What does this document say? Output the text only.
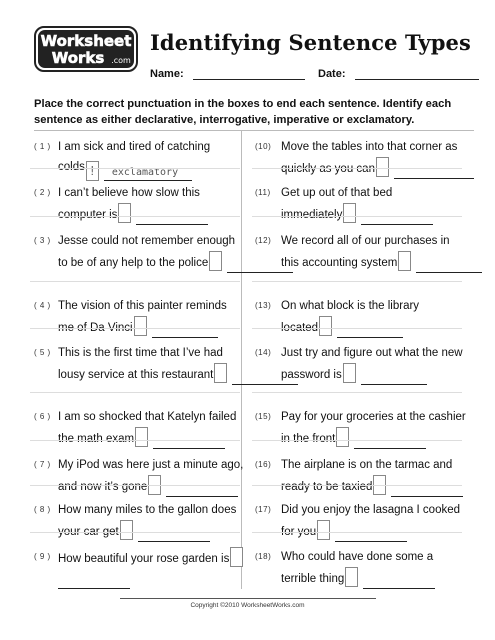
Worksheet
Works .com
Identifying Sentence Types
Name:	Date:

Place the correct punctuation in the boxes to end each sentence. Identify each sentence as either declarative, interrogative, imperative or exclamatory.

( 1 ) I am sick and tired of catching
colds ! exclamatory
( 2 ) I can’t believe how slow this
computer is
( 3 ) Jesse could not remember enough
to be of any help to the police
( 4 ) The vision of this painter reminds
me of Da Vinci
( 5 ) This is the first time that I’ve had
lousy service at this restaurant
( 6 ) I am so shocked that Katelyn failed
the math exam
( 7 ) My iPod was here just a minute ago,
and now it’s gone
( 8 ) How many miles to the gallon does
your car get
( 9 ) How beautiful your rose garden is
(10) Move the tables into that corner as
quickly as you can
(11) Get up out of that bed
immediately
(12) We record all of our purchases in
this accounting system
(13) On what block is the library
located
(14) Just try and figure out what the new
password is
(15) Pay for your groceries at the cashier
in the front
(16) The airplane is on the tarmac and
ready to be taxied
(17) Did you enjoy the lasagna I cooked
for you
(18) Who could have done some a
terrible thing
Copyright ©2010 WorksheetWorks.com
